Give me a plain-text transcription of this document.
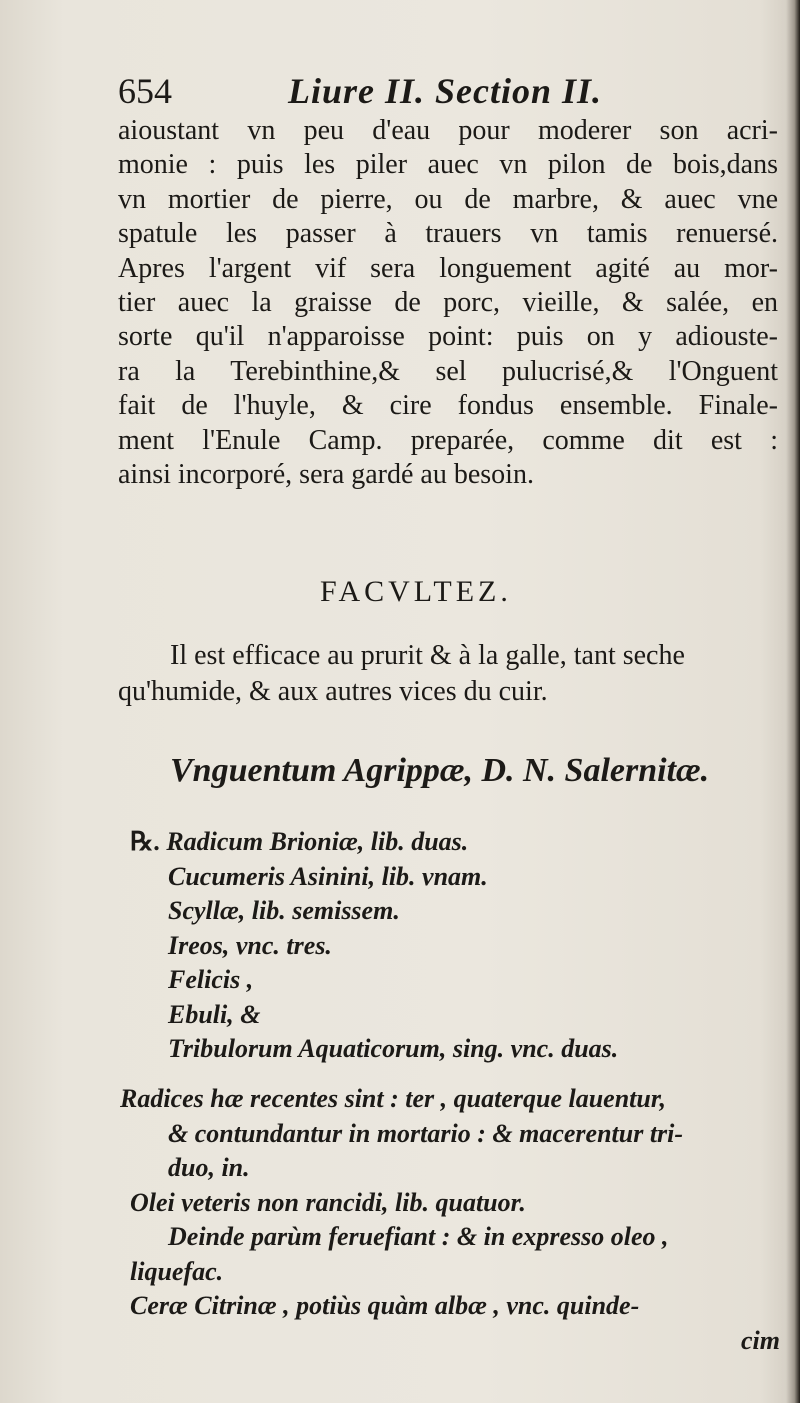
654	Liure II. Section II.
aioustant vn peu d'eau pour moderer son acri-
monie : puis les piler auec vn pilon de bois,dans
vn mortier de pierre, ou de marbre, & auec vne
spatule les passer à trauers vn tamis renuersé.
Apres l'argent vif sera longuement agité au mor-
tier auec la graisse de porc, vieille, & salée, en
sorte qu'il n'apparoisse point: puis on y adiouste-
ra la Terebinthine,& sel pulucrisé,& l'Onguent
fait de l'huyle, & cire fondus ensemble. Finale-
ment l'Enule Camp. preparée, comme dit est :
ainsi incorporé, sera gardé au besoin.
FACVLTEZ.
Il est efficace au prurit & à la galle, tant seche
qu'humide, & aux autres vices du cuir.
Vnguentum Agrippæ, D. N. Salernitæ.
℞. Radicum Brioniæ, lib. duas.
Cucumeris Asinini, lib. vnam.
Scyllæ, lib. semissem.
Ireos, vnc. tres.
Felicis ,
Ebuli, &
Tribulorum Aquaticorum, sing. vnc. duas.
Radices hæ recentes sint : ter , quaterque lauentur,
& contundantur in mortario : & macerentur tri-
duo, in.
Olei veteris non rancidi, lib. quatuor.
Deinde parùm feruefiant : & in expresso oleo ,
liquefac.
Ceræ Citrinæ , potiùs quàm albæ , vnc. quinde-
cim
